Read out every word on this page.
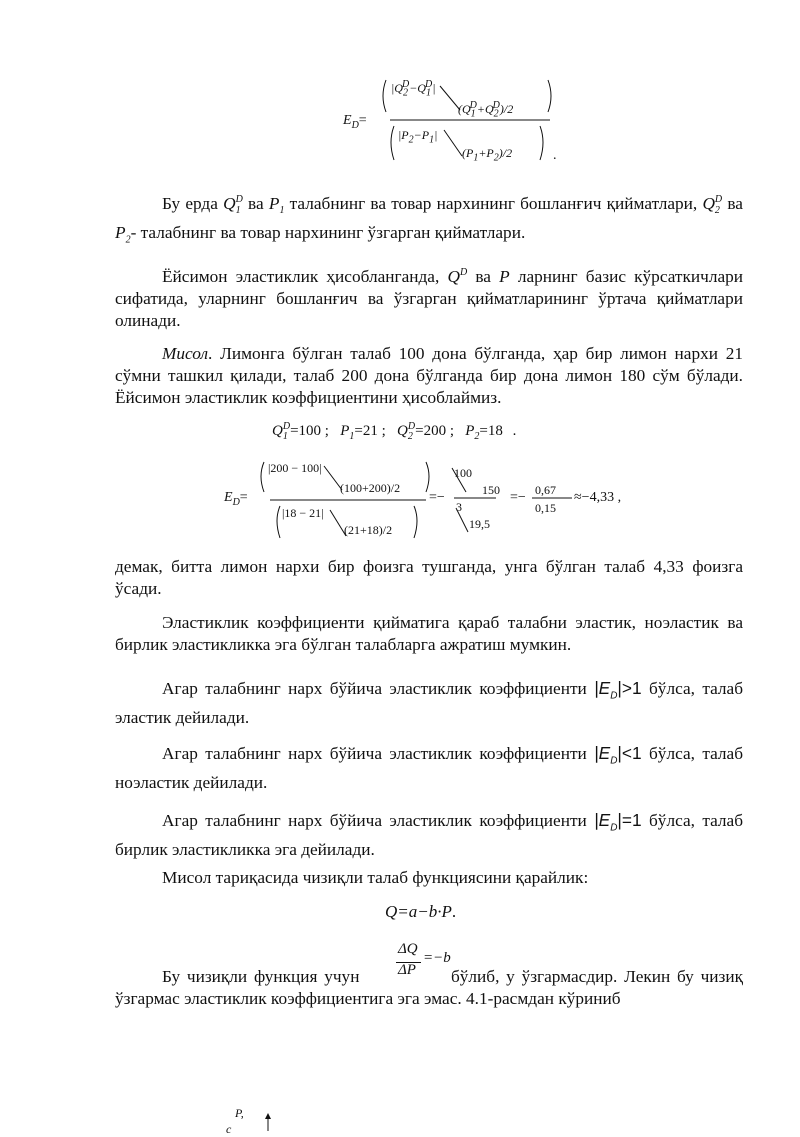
$E_D=$
$|Q_2^D-Q_1^D|$
$(Q_1^D+Q_2^D)/2$
$|P_2-P_1|$
$(P_1+P_2)/2$	.
Бу ерда $Q_1^D$ ва $P_1$ талабнинг ва товар нархининг бошланғич қийматлари, $Q_2^D$ ва $P_2-$ талабнинг ва товар нархининг ўзгарган қийматлари.
Ёйсимон эластиклик ҳисобланганда, $Q^D$ ва P ларнинг базис кўрсаткичлари сифатида, уларнинг бошланғич ва ўзгарган қийматларининг ўртача қийматлари олинади.
Мисол. Лимонга бўлган талаб 100 дона бўлганда, ҳар бир лимон нархи 21 сўмни ташкил қилади, талаб 200 дона бўлганда бир дона лимон 180 сўм бўлади. Ёйсимон эластиклик коэффициентини ҳисоблаймиз.
$Q_1^D=100$ ; $P_1=21$ ; $Q_2^D=200$ ; $P_2=18$ .
$E_D=$
|200 − 100|
(100+200)/2
|18 − 21|
(21+18)/2
=−
100
150
3
19,5
=− 0,67
0,15
≈−4,33 ,
демак, битта лимон нархи бир фоизга тушганда, унга бўлган талаб 4,33 фоизга ўсади.
Эластиклик коэффициенти қийматига қараб талабни эластик, ноэластик ва бирлик эластикликка эга бўлган талабларга ажратиш мумкин.
Агар талабнинг нарх бўйича эластиклик коэффициенти $|E_D|>1$ бўлса, талаб эластик дейилади.
Агар талабнинг нарх бўйича эластиклик коэффициенти $|E_D|<1$ бўлса, талаб ноэластик дейилади.
Агар талабнинг нарх бўйича эластиклик коэффициенти $|E_D|=1$ бўлса, талаб бирлик эластикликка эга дейилади.
Мисол тариқасида чизиқли талаб функциясини қарайлик:
Q=a−b·P.
ΔQ
ΔP
=−b
Бу чизиқли функция учун	бўлиб, у ўзгармасдир. Лекин бу чизиқ ўзгармас эластиклик коэффициентига эга эмас. 4.1-расмдан кўриниб
P,
c
